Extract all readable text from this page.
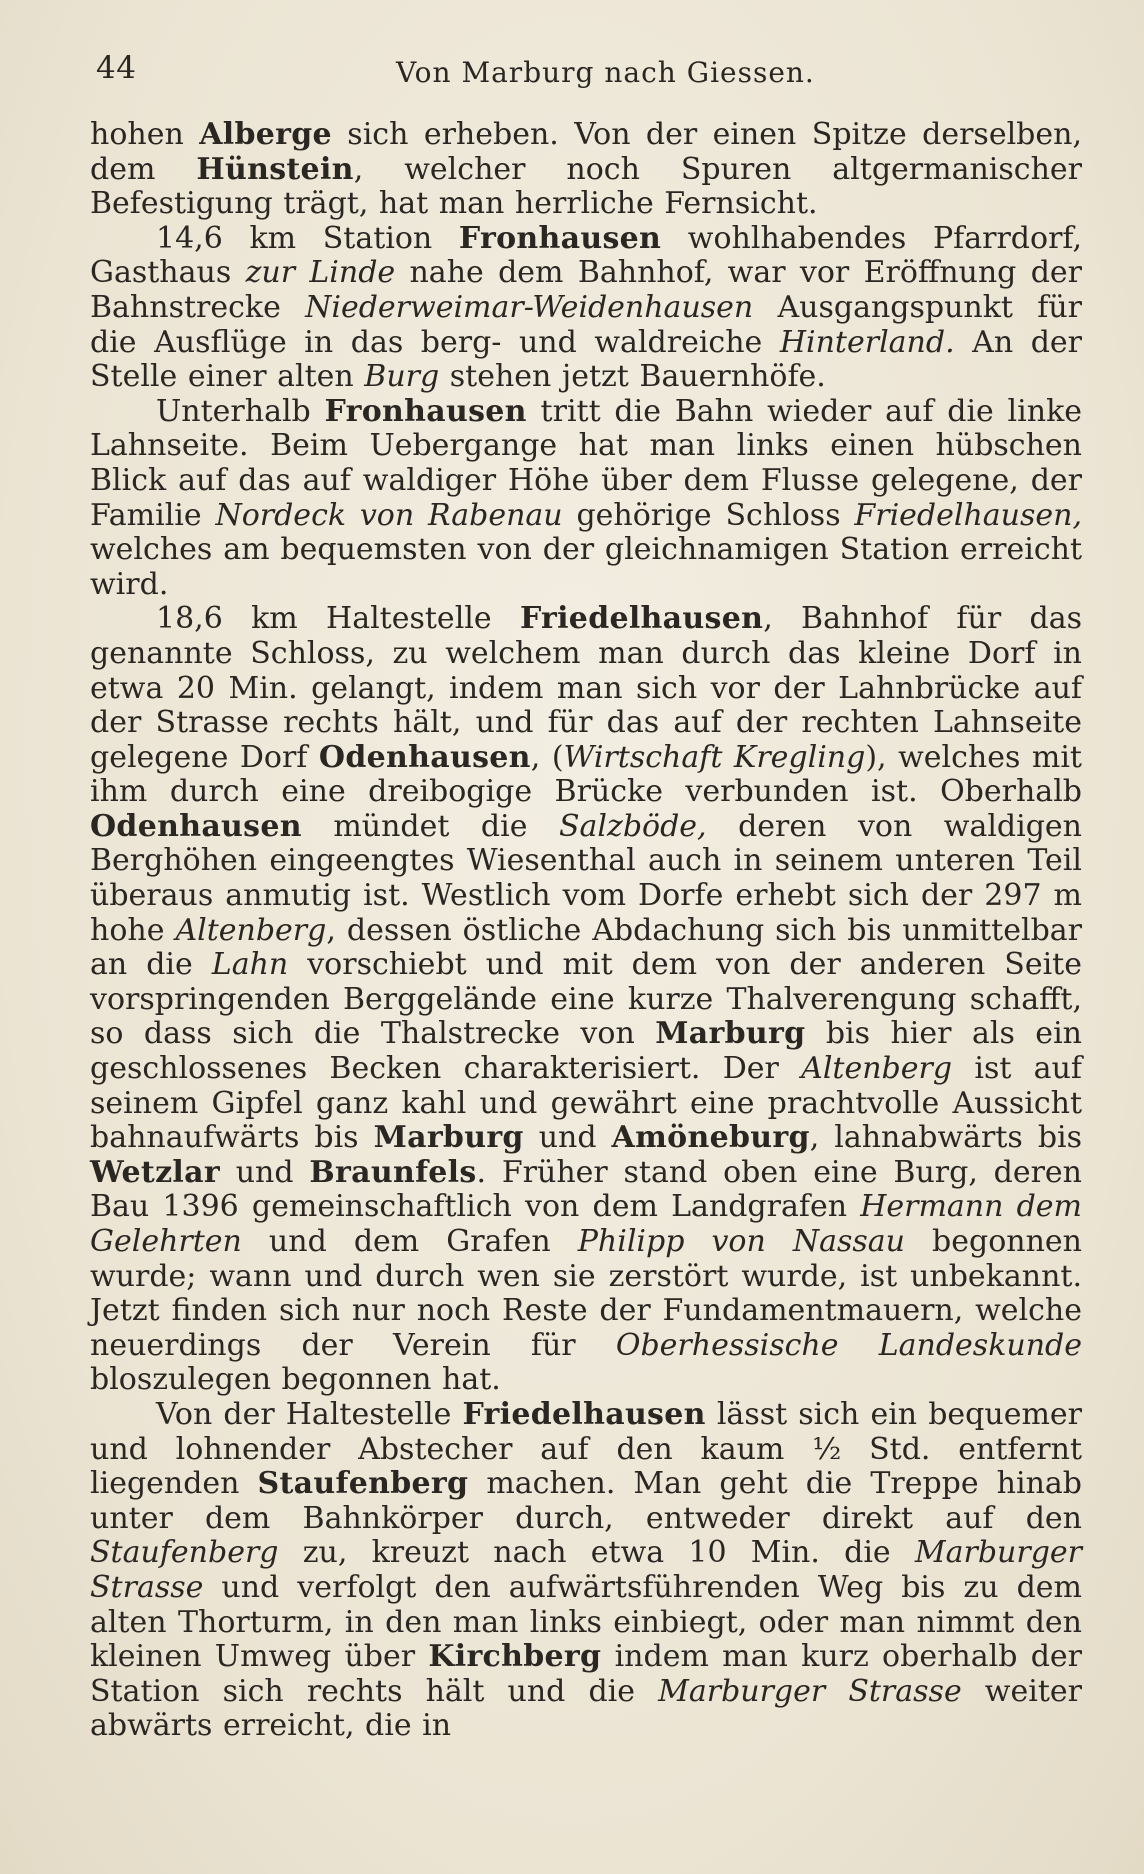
44	Von Marburg nach Giessen.

hohen Alberge sich erheben. Von der einen Spitze derselben, dem Hünstein, welcher noch Spuren altgermanischer Befestigung trägt, hat man herrliche Fernsicht.

14,6 km Station Fronhausen wohlhabendes Pfarrdorf, Gasthaus zur Linde nahe dem Bahnhof, war vor Eröffnung der Bahnstrecke Niederweimar-Weidenhausen Ausgangspunkt für die Ausflüge in das berg- und waldreiche Hinterland. An der Stelle einer alten Burg stehen jetzt Bauernhöfe.

Unterhalb Fronhausen tritt die Bahn wieder auf die linke Lahnseite. Beim Uebergange hat man links einen hübschen Blick auf das auf waldiger Höhe über dem Flusse gelegene, der Familie Nordeck von Rabenau gehörige Schloss Friedelhausen, welches am bequemsten von der gleichnamigen Station erreicht wird.

18,6 km Haltestelle Friedelhausen, Bahnhof für das genannte Schloss, zu welchem man durch das kleine Dorf in etwa 20 Min. gelangt, indem man sich vor der Lahnbrücke auf der Strasse rechts hält, und für das auf der rechten Lahnseite gelegene Dorf Odenhausen, (Wirtschaft Kregling), welches mit ihm durch eine dreibogige Brücke verbunden ist. Oberhalb Odenhausen mündet die Salzböde, deren von waldigen Berghöhen eingeengtes Wiesenthal auch in seinem unteren Teil überaus anmutig ist. Westlich vom Dorfe erhebt sich der 297 m hohe Altenberg, dessen östliche Abdachung sich bis unmittelbar an die Lahn vorschiebt und mit dem von der anderen Seite vorspringenden Berggelände eine kurze Thalverengung schafft, so dass sich die Thalstrecke von Marburg bis hier als ein geschlossenes Becken charakterisiert. Der Altenberg ist auf seinem Gipfel ganz kahl und gewährt eine prachtvolle Aussicht bahnaufwärts bis Marburg und Amöneburg, lahnabwärts bis Wetzlar und Braunfels. Früher stand oben eine Burg, deren Bau 1396 gemeinschaftlich von dem Landgrafen Hermann dem Gelehrten und dem Grafen Philipp von Nassau begonnen wurde; wann und durch wen sie zerstört wurde, ist unbekannt. Jetzt finden sich nur noch Reste der Fundamentmauern, welche neuerdings der Verein für Oberhessische Landeskunde bloszulegen begonnen hat.

Von der Haltestelle Friedelhausen lässt sich ein bequemer und lohnender Abstecher auf den kaum ½ Std. entfernt liegenden Staufenberg machen. Man geht die Treppe hinab unter dem Bahnkörper durch, entweder direkt auf den Staufenberg zu, kreuzt nach etwa 10 Min. die Marburger Strasse und verfolgt den aufwärtsführenden Weg bis zu dem alten Thorturm, in den man links einbiegt, oder man nimmt den kleinen Umweg über Kirchberg indem man kurz oberhalb der Station sich rechts hält und die Marburger Strasse weiter abwärts erreicht, die in
